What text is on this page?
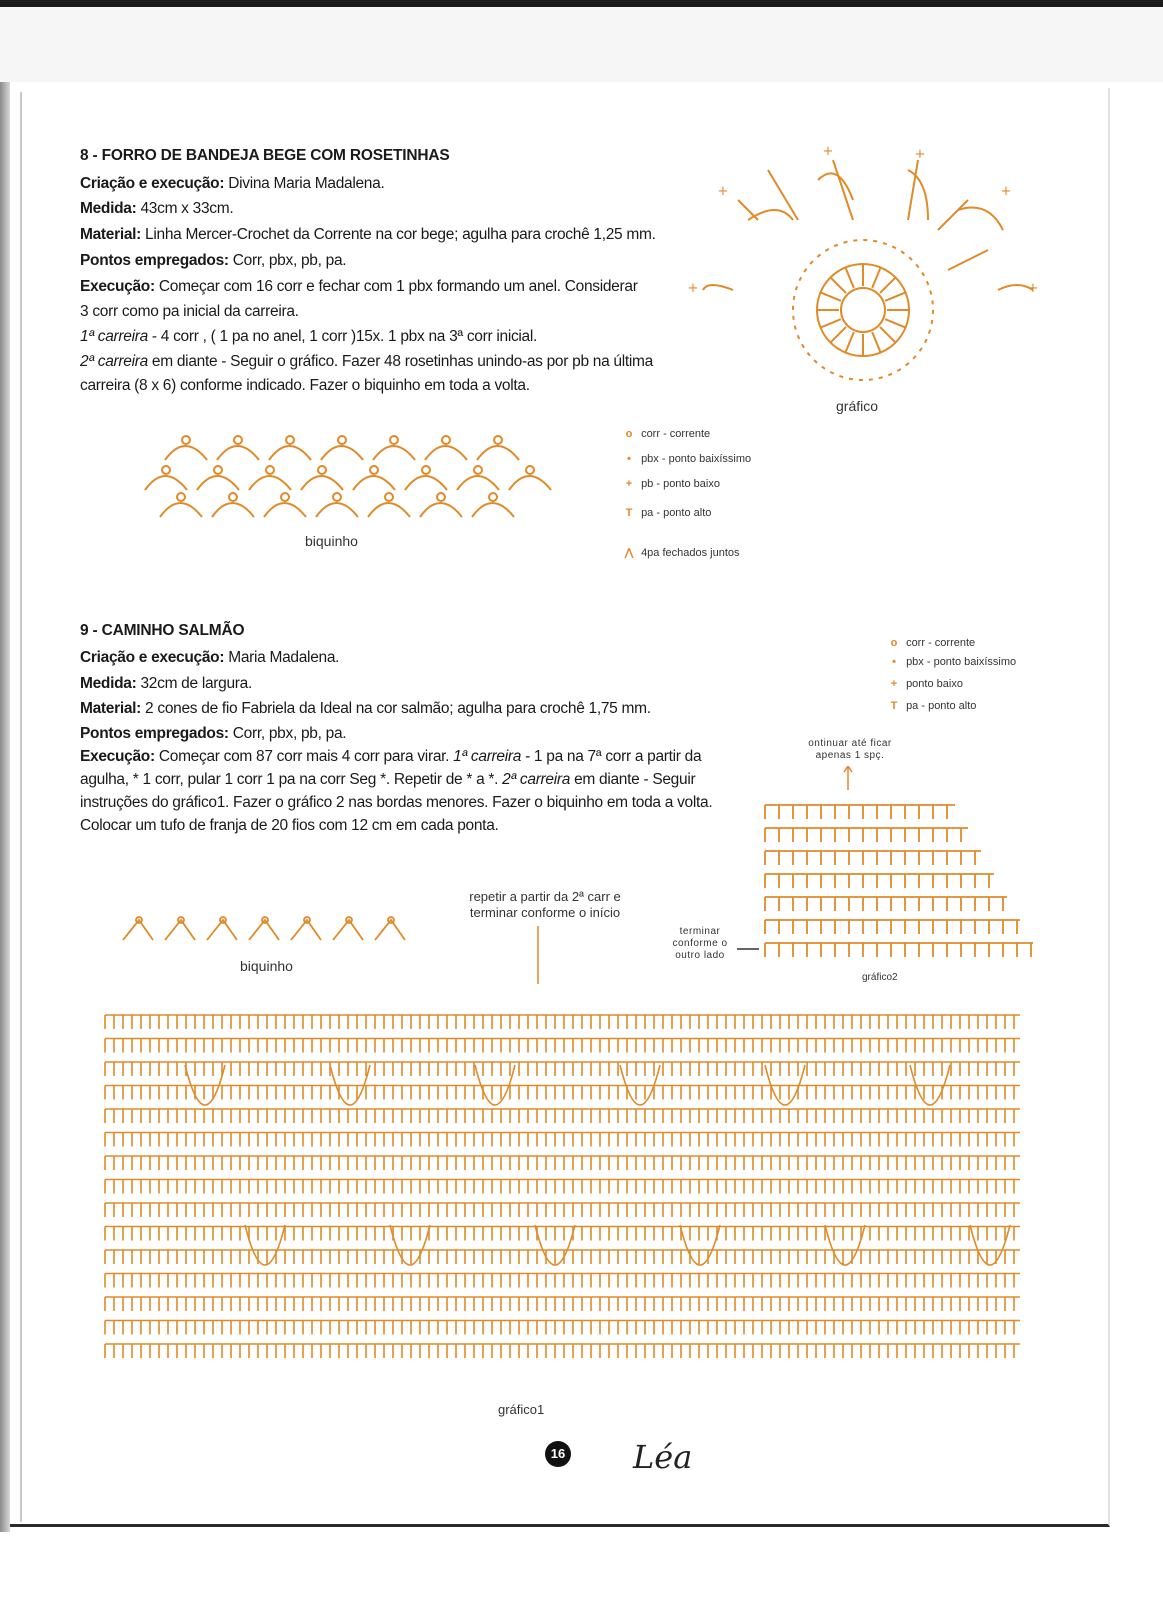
8 - FORRO DE BANDEJA BEGE COM ROSETINHAS
Criação e execução: Divina Maria Madalena.
Medida: 43cm x 33cm.
Material: Linha Mercer-Crochet da Corrente na cor bege; agulha para crochê 1,25 mm.
Pontos empregados: Corr, pbx, pb, pa.
Execução: Começar com 16 corr e fechar com 1 pbx formando um anel. Considerar
3 corr como pa inicial da carreira.
1ª carreira - 4 corr , ( 1 pa no anel, 1 corr )15x. 1 pbx na 3ª corr inicial.
2ª carreira em diante - Seguir o gráfico. Fazer 48 rosetinhas unindo-as por pb na última
carreira (8 x 6) conforme indicado. Fazer o biquinho em toda a volta.
+	+
+
+
+	+
gráfico
biquinho
o corr - corrente
• pbx - ponto baixíssimo
+ pb - ponto baixo
T pa - ponto alto
⋀ 4pa fechados juntos
9 - CAMINHO SALMÃO
Criação e execução: Maria Madalena.
Medida: 32cm de largura.
Material: 2 cones de fio Fabriela da Ideal na cor salmão; agulha para crochê 1,75 mm.
Pontos empregados: Corr, pbx, pb, pa.
Execução: Começar com 87 corr mais 4 corr para virar. 1ª carreira - 1 pa na 7ª corr a partir da
agulha, * 1 corr, pular 1 corr 1 pa na corr Seg *. Repetir de * a *. 2ª carreira em diante - Seguir
instruções do gráfico1. Fazer o gráfico 2 nas bordas menores. Fazer o biquinho em toda a volta.
Colocar um tufo de franja de 20 fios com 12 cm em cada ponta.
o corr - corrente
• pbx - ponto baixíssimo
+ ponto baixo
T pa - ponto alto
ontinuar até ficar apenas 1 spç.
repetir a partir da 2ª carr e terminar conforme o início
terminar conforme o outro lado
gráfico2
biquinho
gráfico1
16 Léa
